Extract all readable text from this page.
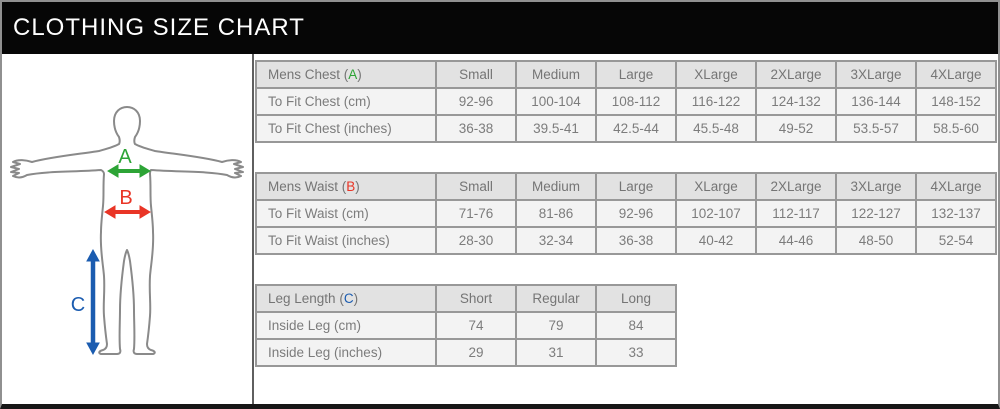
CLOTHING SIZE CHART
A
B
C
Mens Chest (A)	Small	Medium	Large	XLarge	2XLarge	3XLarge	4XLarge
To Fit Chest (cm)	92-96	100-104	108-112	116-122	124-132	136-144	148-152
To Fit Chest (inches)	36-38	39.5-41	42.5-44	45.5-48	49-52	53.5-57	58.5-60
Mens Waist (B)	Small	Medium	Large	XLarge	2XLarge	3XLarge	4XLarge
To Fit Waist (cm)	71-76	81-86	92-96	102-107	112-117	122-127	132-137
To Fit Waist (inches)	28-30	32-34	36-38	40-42	44-46	48-50	52-54
Leg Length (C)	Short	Regular	Long
Inside Leg (cm)	74	79	84
Inside Leg (inches)	29	31	33
